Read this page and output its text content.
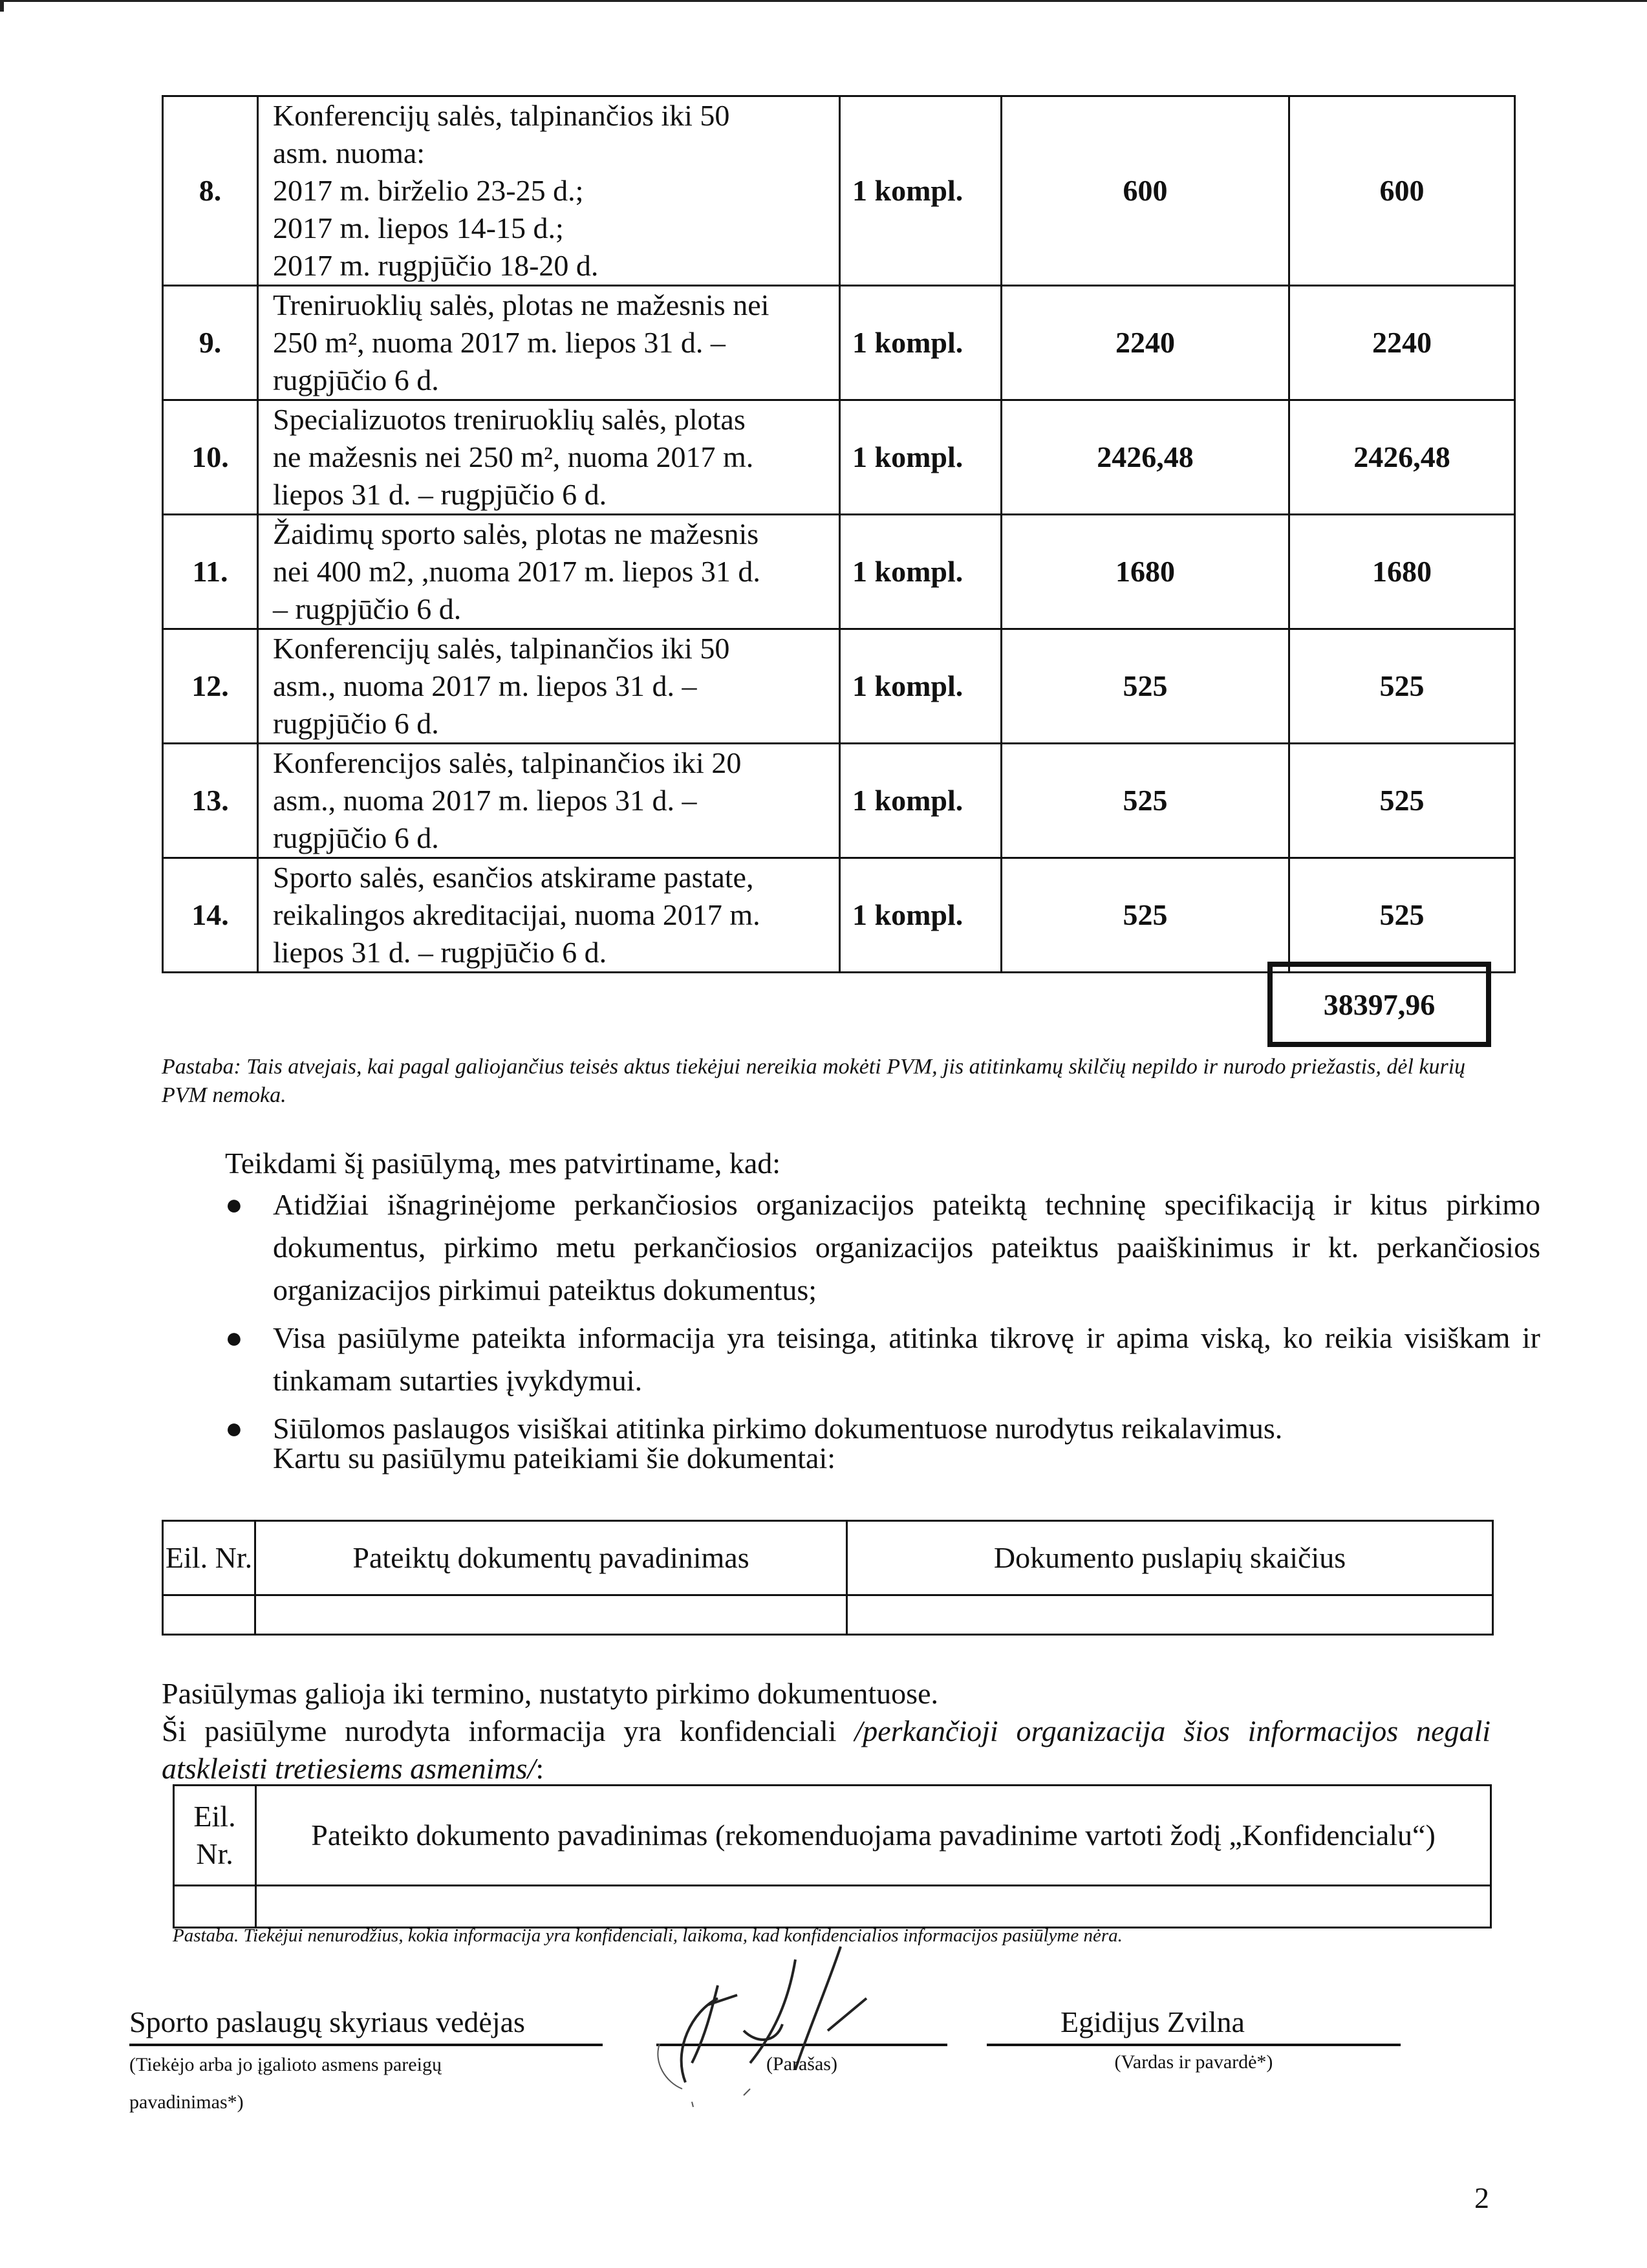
8.	Konferencijų salės, talpinančios iki 50
asm. nuoma:
2017 m. birželio 23-25 d.;
2017 m. liepos 14-15 d.;
2017 m. rugpjūčio 18-20 d.	1 kompl.	600	600
9.	Treniruoklių salės, plotas ne mažesnis nei
250 m², nuoma 2017 m. liepos 31 d. –
rugpjūčio 6 d.	1 kompl.	2240	2240
10.	Specializuotos treniruoklių salės, plotas
ne mažesnis nei 250 m², nuoma 2017 m.
liepos 31 d. – rugpjūčio 6 d.	1 kompl.	2426,48	2426,48
11.	Žaidimų sporto salės, plotas ne mažesnis
nei 400 m2, ,nuoma 2017 m. liepos 31 d.
– rugpjūčio 6 d.	1 kompl.	1680	1680
12.	Konferencijų salės, talpinančios iki 50
asm., nuoma 2017 m. liepos 31 d. –
rugpjūčio 6 d.	1 kompl.	525	525
13.	Konferencijos salės, talpinančios iki 20
asm., nuoma 2017 m. liepos 31 d. –
rugpjūčio 6 d.	1 kompl.	525	525
14.	Sporto salės, esančios atskirame pastate,
reikalingos akreditacijai, nuoma 2017 m.
liepos 31 d. – rugpjūčio 6 d.	1 kompl.	525	525
38397,96
Pastaba: Tais atvejais, kai pagal galiojančius teisės aktus tiekėjui nereikia mokėti PVM, jis atitinkamų skilčių nepildo ir nurodo priežastis, dėl kurių PVM nemoka.
Teikdami šį pasiūlymą, mes patvirtiname, kad:
● Atidžiai išnagrinėjome perkančiosios organizacijos pateiktą techninę specifikaciją ir kitus pirkimo dokumentus, pirkimo metu perkančiosios organizacijos pateiktus paaiškinimus ir kt. perkančiosios organizacijos pirkimui pateiktus dokumentus;
● Visa pasiūlyme pateikta informacija yra teisinga, atitinka tikrovę ir apima viską, ko reikia visiškam ir tinkamam sutarties įvykdymui.
● Siūlomos paslaugos visiškai atitinka pirkimo dokumentuose nurodytus reikalavimus.
Kartu su pasiūlymu pateikiami šie dokumentai:
Eil. Nr.	Pateiktų dokumentų pavadinimas	Dokumento puslapių skaičius

Pasiūlymas galioja iki termino, nustatyto pirkimo dokumentuose.
Ši pasiūlyme nurodyta informacija yra konfidenciali /perkančioji organizacija šios informacijos negali atskleisti tretiesiems asmenims/:
Eil. Nr.	Pateikto dokumento pavadinimas (rekomenduojama pavadinime vartoti žodį „Konfidencialu“)

Pastaba. Tiekėjui nenurodžius, kokia informacija yra konfidenciali, laikoma, kad konfidencialios informacijos pasiūlyme nėra.
Sporto paslaugų skyriaus vedėjas
(Tiekėjo arba jo įgalioto asmens pareigų
pavadinimas*)
(Parašas)
Egidijus Zvilna
(Vardas ir pavardė*)
2
